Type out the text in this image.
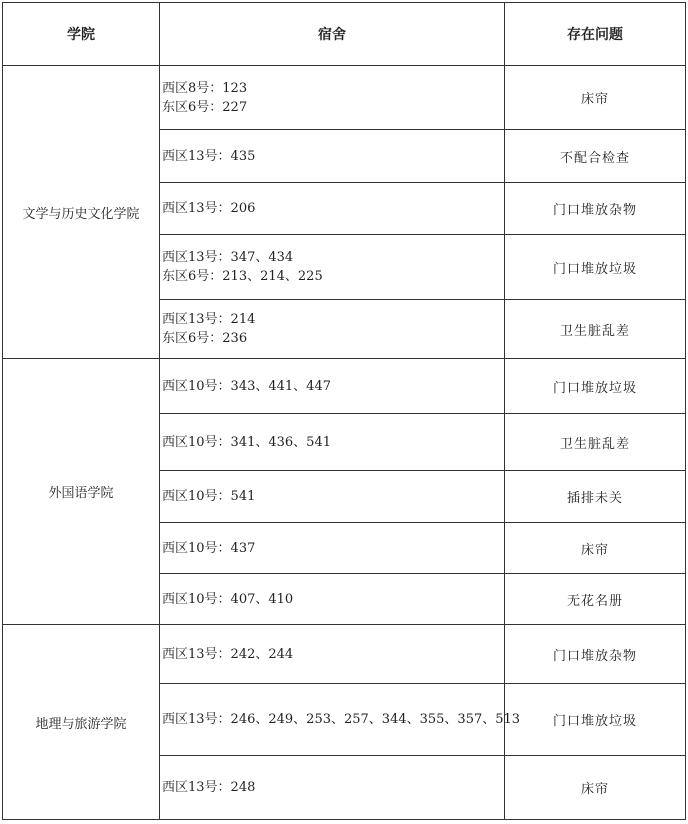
学院	宿舍	存在问题
文学与历史文化学院	西区8号：123
东区6号：227	床帘

	西区13号：435	不配合检查

	西区13号：206	门口堆放杂物

	西区13号：347、434
东区6号：213、214、225	门口堆放垃圾

	西区13号：214
东区6号：236	卫生脏乱差
外国语学院	西区10号：343、441、447	门口堆放垃圾

	西区10号：341、436、541	卫生脏乱差

	西区10号：541	插排未关

	西区10号：437	床帘

	西区10号：407、410	无花名册
地理与旅游学院	西区13号：242、244	门口堆放杂物

	西区13号：246、249、253、257、344、355、357、513	门口堆放垃圾

	西区13号：248	床帘
